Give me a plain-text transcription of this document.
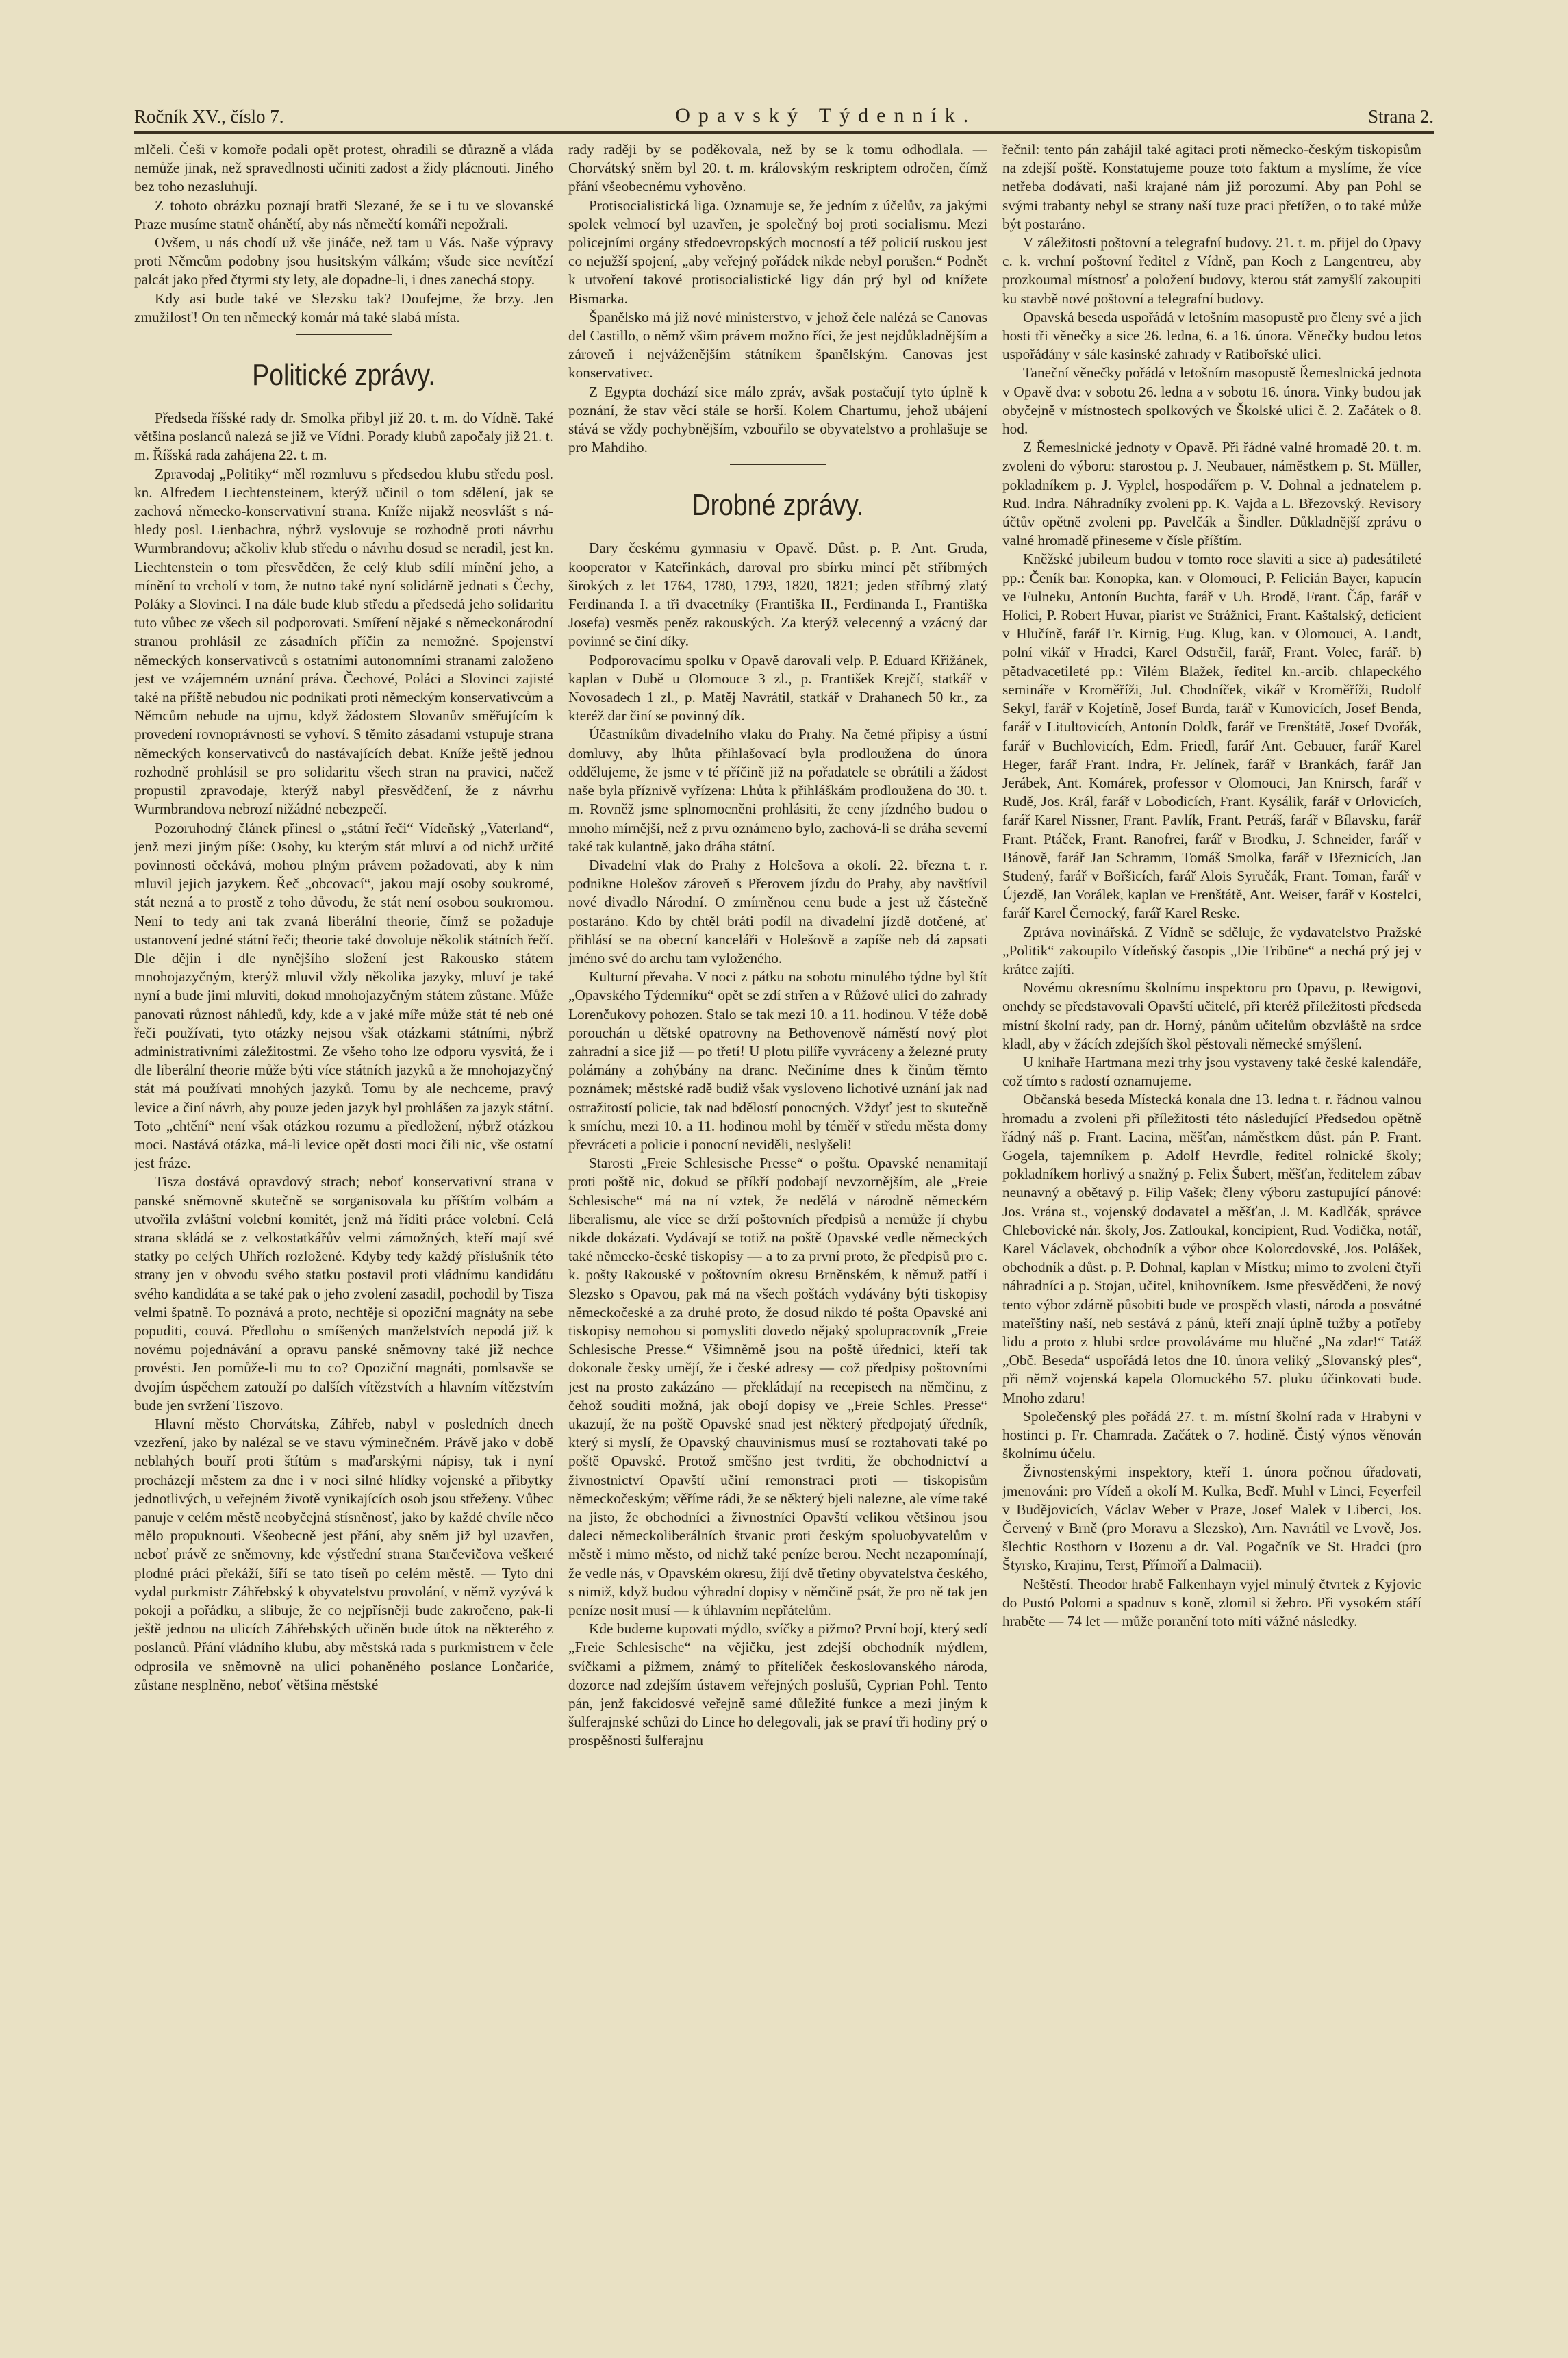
Ročník XV., číslo 7.	Opavský Týdenník.	Strana 2.

mlčeli. Češi v komoře podali opět protest, ohradili se důrazně a vláda nemůže jinak, než spravedlnosti učiniti zadost a židy plácnouti. Jiného bez toho nezasluhují.

Z tohoto obrázku poznají bratři Slezané, že se i tu ve slovanské Praze musíme statně ohánětí, aby nás němečtí komáři nepožrali.

Ovšem, u nás chodí už vše jináče, než tam u Vás. Naše výpravy proti Němcům podobny jsou husitským válkám; všude sice nevítězí palcát jako před čtyrmi sty lety, ale dopadne-li, i dnes zanechá stopy.

Kdy asi bude také ve Slezsku tak? Doufejme, že brzy. Jen zmužilosť! On ten německý komár má také slabá místa.

Politické zprávy.

Předseda říšské rady dr. Smolka přibyl již 20. t. m. do Vídně. Také většina poslanců nalezá se již ve Vídni. Porady klubů započaly již 21. t. m. Říšská rada zahájena 22. t. m.

Zpravodaj „Politiky“ měl rozmluvu s předsedou klubu středu posl. kn. Alfredem Liechtensteinem, kterýž učinil o tom sdělení, jak se zachová německo-konservativní strana. Kníže nijakž neosvlášt s ná-hledy posl. Lienbachra, nýbrž vyslovuje se rozhodně proti návrhu Wurmbrandovu; ačkoliv klub středu o návrhu dosud se neradil, jest kn. Liechtenstein o tom přesvědčen, že celý klub sdílí mínění jeho, a mínění to vrcholí v tom, že nutno také nyní solidárně jednati s Čechy, Poláky a Slovinci. I na dále bude klub středu a předsedá jeho solidaritu tuto vůbec ze všech sil podporovati. Smíření nějaké s německonárodní stranou prohlásil ze zásadních příčin za nemožné. Spojenství německých konservativců s ostatními autonomními stranami založeno jest ve vzájemném uznání práva. Čechové, Poláci a Slovinci zajisté také na příště nebudou nic podnikati proti německým konservativcům a Němcům nebude na ujmu, když žádostem Slovanův směřujícím k provedení rovnoprávnosti se vyhoví. S těmito zásadami vstupuje strana německých konservativců do nastávajících debat. Kníže ještě jednou rozhodně prohlásil se pro solidaritu všech stran na pravici, načež propustil zpravodaje, kterýž nabyl přesvědčení, že z návrhu Wurmbrandova nebrozí nižádné nebezpečí.

Pozoruhodný článek přinesl o „státní řeči“ Vídeňský „Vaterland“, jenž mezi jiným píše: Osoby, ku kterým stát mluví a od nichž určité povinnosti očekává, mohou plným právem požadovati, aby k nim mluvil jejich jazykem. Řeč „obcovací“, jakou mají osoby soukromé, stát nezná a to prostě z toho důvodu, že stát není osobou soukromou. Není to tedy ani tak zvaná liberální theorie, čímž se požaduje ustanovení jedné státní řeči; theorie také dovoluje několik státních řečí. Dle dějin i dle nynějšího složení jest Rakousko státem mnohojazyčným, kterýž mluvil vždy několika jazyky, mluví je také nyní a bude jimi mluviti, dokud mnohojazyčným státem zůstane. Může panovati různost náhledů, kdy, kde a v jaké míře může stát té neb oné řeči používati, tyto otázky nejsou však otázkami státními, nýbrž administrativními záležitostmi. Ze všeho toho lze odporu vysvitá, že i dle liberální theorie může býti více státních jazyků a že mnohojazyčný stát má používati mnohých jazyků. Tomu by ale nechceme, pravý levice a činí návrh, aby pouze jeden jazyk byl prohlášen za jazyk státní. Toto „chtění“ není však otázkou rozumu a předložení, nýbrž otázkou moci. Nastává otázka, má-li levice opět dosti moci čili nic, vše ostatní jest fráze.

Tisza dostává opravdový strach; neboť konservativní strana v panské sněmovně skutečně se sorganisovala ku příštím volbám a utvořila zvláštní volební komitét, jenž má říditi práce volební. Celá strana skládá se z velkostatkářův velmi zámožných, kteří mají své statky po celých Uhřích rozložené. Kdyby tedy každý příslušník této strany jen v obvodu svého statku postavil proti vládnímu kandidátu svého kandidáta a se také pak o jeho zvolení zasadil, pochodil by Tisza velmi špatně. To poznává a proto, nechtěje si opoziční magnáty na sebe popuditi, couvá. Předlohu o smíšených manželstvích nepodá již k novému pojednávání a opravu panské sněmovny také již nechce provésti. Jen pomůže-li mu to co? Opoziční magnáti, pomlsavše se dvojím úspěchem zatouží po dalších vítězstvích a hlavním vítězstvím bude jen svržení Tiszovo.

Hlavní město Chorvátska, Záhřeb, nabyl v posledních dnech vzezření, jako by nalézal se ve stavu výminečném. Právě jako v době neblahých bouří proti štítům s maďarskými nápisy, tak i nyní procházejí městem za dne i v noci silné hlídky vojenské a přibytky jednotlivých, u veřejném životě vynikajících osob jsou střeženy. Vůbec panuje v celém městě neobyčejná stísněnosť, jako by každé chvíle něco mělo propuknouti. Všeobecně jest přání, aby sněm již byl uzavřen, neboť právě ze sněmovny, kde výstřední strana Starčevičova veškeré plodné práci překáží, šíří se tato tíseň po celém městě. — Tyto dni vydal purkmistr Záhřebský k obyvatelstvu provolání, v němž vyzývá k pokoji a pořádku, a slibuje, že co nejpřísněji bude zakročeno, pak-li ještě jednou na ulicích Záhřebských učiněn bude útok na některého z poslanců. Přání vládního klubu, aby městská rada s purkmistrem v čele odprosila ve sněmovně na ulici pohaněného poslance Lončariće, zůstane nesplněno, neboť většina městské

rady raději by se poděkovala, než by se k tomu odhodlala. — Chorvátský sněm byl 20. t. m. královským reskriptem odročen, čímž přání všeobecnému vyhověno.

Protisocialistická liga. Oznamuje se, že jedním z účelův, za jakými spolek velmocí byl uzavřen, je společný boj proti socialismu. Mezi policejními orgány středoevropských mocností a též policií ruskou jest co nejužší spojení, „aby veřejný pořádek nikde nebyl porušen.“ Podnět k utvoření takové protisocialistické ligy dán prý byl od knížete Bismarka.

Španělsko má již nové ministerstvo, v jehož čele nalézá se Canovas del Castillo, o němž všim právem možno říci, že jest nejdůkladnějším a zároveň i nejváženějším státníkem španělským. Canovas jest konservativec.

Z Egypta dochází sice málo zpráv, avšak postačují tyto úplně k poznání, že stav věcí stále se horší. Kolem Chartumu, jehož ubájení stává se vždy pochybnějším, vzbouřilo se obyvatelstvo a prohlašuje se pro Mahdiho.

Drobné zprávy.

Dary českému gymnasiu v Opavě. Důst. p. P. Ant. Gruda, kooperator v Kateřinkách, daroval pro sbírku mincí pět stříbrných širokých z let 1764, 1780, 1793, 1820, 1821; jeden stříbrný zlatý Ferdinanda I. a tři dvacetníky (Františka II., Ferdinanda I., Františka Josefa) vesměs peněz rakouských. Za kterýž velecenný a vzácný dar povinné se činí díky.

Podporovacímu spolku v Opavě darovali velp. P. Eduard Křižánek, kaplan v Dubě u Olomouce 3 zl., p. František Krejčí, statkář v Novosadech 1 zl., p. Matěj Navrátil, statkář v Drahanech 50 kr., za kteréž dar činí se povinný dík.

Účastníkům divadelního vlaku do Prahy. Na četné připisy a ústní domluvy, aby lhůta přihlašovací byla prodloužena do února oddělujeme, že jsme v té příčině již na pořadatele se obrátili a žádost naše byla příznivě vyřízena: Lhůta k přihláškám prodloužena do 30. t. m. Rovněž jsme splnomocněni prohlásiti, že ceny jízdného budou o mnoho mírnější, než z prvu oznámeno bylo, zachová-li se dráha severní také tak kulantně, jako dráha státní.

Divadelní vlak do Prahy z Holešova a okolí. 22. března t. r. podnikne Holešov zároveň s Přerovem jízdu do Prahy, aby navštívil nové divadlo Národní. O zmírněnou cenu bude a jest už částečně postaráno. Kdo by chtěl bráti podíl na divadelní jízdě dotčené, ať přihlásí se na obecní kanceláři v Holešově a zapíše neb dá zapsati jméno své do archu tam vyloženého.

Kulturní převaha. V noci z pátku na sobotu minulého týdne byl štít „Opavského Týdenníku“ opět se zdí strřen a v Růžové ulici do zahrady Lorenčukovy pohozen. Stalo se tak mezi 10. a 11. hodinou. V téže době porouchán u dětské opatrovny na Bethovenově náměstí nový plot zahradní a sice již — po třetí! U plotu pilíře vyvráceny a železné pruty polámány a zohýbány na dranc. Nečiníme dnes k činům těmto poznámek; městské radě budiž však vyslovenо lichotivé uznání jak nad ostražitostí policie, tak nad bdělostí ponocných. Vždyť jest to skutečně k smíchu, mezi 10. a 11. hodinou mohl by téměř v středu města domy převráceti a policie i ponocní neviděli, neslyšeli!

Starosti „Freie Schlesische Presse“ o poštu. Opavské nenamitají proti poště nic, dokud se příkří podobají nevzornějším, ale „Freie Schlesische“ má na ní vztek, že nedělá v národně německém liberalismu, ale více se drží poštovních předpisů a nemůže jí chybu nikde dokázati. Vydávají se totiž na poště Opavské vedle německých také německo-české tiskopisy — a to za první proto, že předpisů pro c. k. pošty Rakouské v poštovním okresu Brněnském, k němuž patří i Slezsko s Opavou, pak má na všech poštách vydávány býti tiskopisy německočeské a za druhé proto, že dosud nikdo té pošta Opavské ani tiskopisy nemohou si pomysliti dovedo nějaký spolupracovník „Freie Schlesische Presse.“ Všimněmě jsou na poště úřednici, kteří tak dokonale česky umějí, že i české adresy — což předpisy poštovními jest na prosto zakázáno — překládají na recepisech na němčinu, z čehož souditi možná, jak obojí dopisy ve „Freie Schles. Presse“ ukazují, že na poště Opavské snad jest některý předpojatý úředník, který si myslí, že Opavský chauvinismus musí se roztahovati také po poště Opavské. Protož směšno jest tvrditi, že obchodnictví a živnostnictví Opavští učiní remonstraci proti — tiskopisům německočeským; věříme rádi, že se některý bjeli nalezne, ale víme také na jisto, že obchodníci a živnostníci Opavští velikou většinou jsou daleci německoliberálních štvanic proti českým spoluobyvatelům v městě i mimo město, od nichž také peníze berou. Necht nezapomínají, že vedle nás, v Opavském okresu, žijí dvě třetiny obyvatelstva českého, s nimiž, když budou výhradní dopisy v němčině psát, že pro ně tak jen peníze nosit musí — k úhlavním nepřátelům.

Kde budeme kupovati mýdlo, svíčky a pižmo? První bojí, který sedí „Freie Schlesische“ na vějičku, jest zdejší obchodník mýdlem, svíčkami a pižmem, známý to přítelíček českoslovanského národa, dozorce nad zdejším ústavem veřejných poslušů, Cyprian Pohl. Tento pán, jenž fakcidosvé veřejně samé důležité funkce a mezi jiným k šulferajnské schůzi do Lince ho delegovali, jak se praví tři hodiny prý o prospěšnosti šulferajnu

řečnil: tento pán zahájil také agitaci proti německo-českým tiskopisům na zdejší poště. Konstatujeme pouze toto faktum a myslíme, že více netřeba dodávati, naši krajané nám již porozumí. Aby pan Pohl se svými trabanty nebyl se strany naší tuze praci přetížen, o to také může být postaráno.

V záležitosti poštovní a telegrafní budovy. 21. t. m. přijel do Opavy c. k. vrchní poštovní ředitel z Vídně, pan Koch z Langentreu, aby prozkoumal místnosť a položení budovy, kterou stát zamyšlí zakoupiti ku stavbě nové poštovní a telegrafní budovy.

Opavská beseda uspořádá v letošním masopustě pro členy své a jich hosti tři věnečky a sice 26. ledna, 6. a 16. února. Věnečky budou letos uspořádány v sále kasinské zahrady v Ratibořské ulici.

Taneční věnečky pořádá v letošním masopustě Řemeslnická jednota v Opavě dva: v sobotu 26. ledna a v sobotu 16. února. Vinky budou jak obyčejně v místnostech spolkových ve Školské ulici č. 2. Začátek o 8. hod.

Z Řemeslnické jednoty v Opavě. Při řádné valné hromadě 20. t. m. zvoleni do výboru: starostou p. J. Neubauer, náměstkem p. St. Müller, pokladníkem p. J. Vyplel, hospodářem p. V. Dohnal a jednatelem p. Rud. Indra. Náhradníky zvoleni pp. K. Vajda a L. Březovský. Revisory účtův opětně zvoleni pp. Pavelčák a Šindler. Důkladnější zprávu o valné hromadě přineseme v čísle příštím.

Kněžské jubileum budou v tomto roce slaviti a sice a) padesátileté pp.: Čeník bar. Konopka, kan. v Olomouci, P. Felicián Bayer, kapucín ve Fulneku, Antonín Buchta, farář v Uh. Brodě, Frant. Čáp, farář v Holici, P. Robert Huvar, piarist ve Strážnici, Frant. Kaštalský, deficient v Hlučíně, farář Fr. Kirnig, Eug. Klug, kan. v Olomouci, A. Landt, polní vikář v Hradci, Karel Odstrčil, farář, Frant. Volec, farář. b) pětadvacetileté pp.: Vilém Blažek, ředitel kn.-arcib. chlapeckého semináře v Kroměříži, Jul. Chodníček, vikář v Kroměříži, Rudolf Sekyl, farář v Kojetíně, Josef Burda, farář v Kunovicích, Josef Benda, farář v Litultovicích, Antonín Doldk, farář ve Frenštátě, Josef Dvořák, farář v Buchlovicích, Edm. Friedl, farář Ant. Gebauer, farář Karel Heger, farář Frant. Indra, Fr. Jelínek, farář v Brankách, farář Jan Jerábek, Ant. Komárek, professor v Olomouci, Jan Knirsch, farář v Rudě, Jos. Král, farář v Lobodicích, Frant. Kysálik, farář v Orlovicích, farář Karel Nissner, Frant. Pavlík, Frant. Petráš, farář v Bílavsku, farář Frant. Ptáček, Frant. Ranofrei, farář v Brodku, J. Schneider, farář v Bánově, farář Jan Schramm, Tomáš Smolka, farář v Březnicích, Jan Studený, farář v Bořšicích, farář Alois Syručák, Frant. Toman, farář v Újezdě, Jan Vorálek, kaplan ve Frenštátě, Ant. Weiser, farář v Kostelci, farář Karel Černocký, farář Karel Reske.

Zpráva novinářská. Z Vídně se sděluje, že vydavatelstvo Pražské „Politik“ zakoupilo Vídeňský časopis „Die Tribüne“ a nechá prý jej v krátce zajíti.

Novému okresnímu školnímu inspektoru pro Opavu, p. Rewigovi, onehdy se představovali Opavští učitelé, při kteréž příležitosti předseda místní školní rady, pan dr. Horný, pánům učitelům obzvláště na srdce kladl, aby v žácích zdejších škol pěstovali německé smýšlení.

U knihaře Hartmana mezi trhy jsou vystaveny také české kalendáře, což tímto s radostí oznamujeme.

Občanská beseda Místecká konala dne 13. ledna t. r. řádnou valnou hromadu a zvoleni při příležitosti této následující Předsedou opětně řádný náš p. Frant. Lacina, měšťan, náměstkem důst. pán P. Frant. Gogela, tajemníkem p. Adolf Hevrdle, ředitel rolnické školy; pokladníkem horlivý a snažný p. Felix Šubert, měšťan, ředitelem zábav neunavný a obětavý p. Filip Vašek; členy výboru zastupující pánové: Jos. Vrána st., vojenský dodavatel a měšťan, J. M. Kadlčák, správce Chlebovické nár. školy, Jos. Zatloukal, koncipient, Rud. Vodička, notář, Karel Václavek, obchodník a výbor obce Kolorcdovské, Jos. Polášek, obchodník a důst. p. P. Dohnal, kaplan v Místku; mimo to zvoleni čtyři náhradníci a p. Stojan, učitel, knihovníkem. Jsme přesvědčeni, že nový tento výbor zdárně působiti bude ve prospěch vlasti, národa a posvátné mateřštiny naší, neb sestává z pánů, kteří znají úplně tužby a potřeby lidu a proto z hlubi srdce provoláváme mu hlučné „Na zdar!“ Tatáž „Obč. Beseda“ uspořádá letos dne 10. února veliký „Slovanský ples“, při němž vojenská kapela Olomuckého 57. pluku účinkovati bude. Mnoho zdaru!

Společenský ples pořádá 27. t. m. místní školní rada v Hrabyni v hostinci p. Fr. Chamrada. Začátek o 7. hodině. Čistý výnos věnován školnímu účelu.

Živnostenskými inspektory, kteří 1. února počnou úřadovati, jmenováni: pro Vídeň a okolí M. Kulka, Bedř. Muhl v Linci, Feyerfeil v Budějovicích, Václav Weber v Praze, Josef Malek v Liberci, Jos. Červený v Brně (pro Moravu a Slezsko), Arn. Navrátil ve Lvově, Jos. šlechtic Rosthorn v Bozenu a dr. Val. Pogačník ve St. Hradci (pro Štyrsko, Krajinu, Terst, Přímoří a Dalmacii).

Neštěstí. Theodor hrabě Falkenhayn vyjel minulý čtvrtek z Kyjovic do Pustó Polomi a spadnuv s koně, zlomil si žebro. Při vysokém stáří hraběte — 74 let — může poranění toto míti vážné následky.
